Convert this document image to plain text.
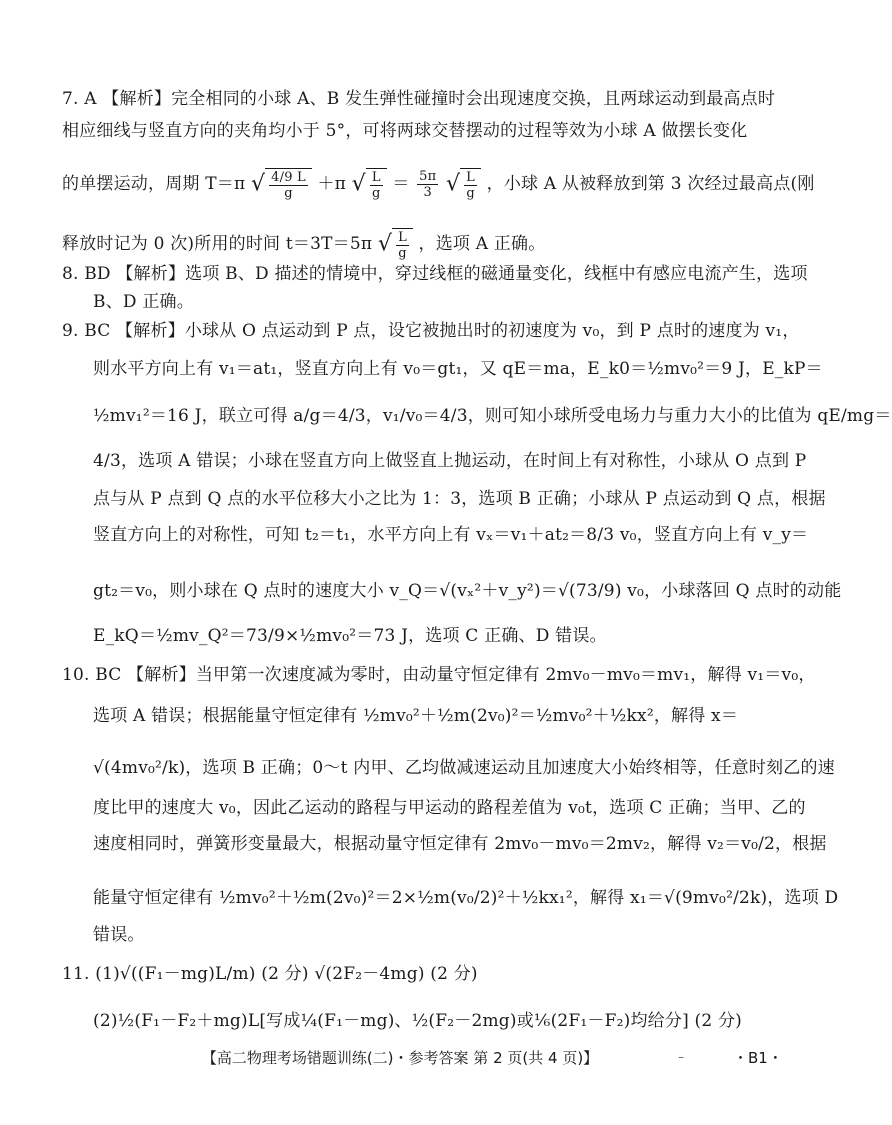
7. A 【解析】完全相同的小球 A、B 发生弹性碰撞时会出现速度交换，且两球运动到最高点时
相应细线与竖直方向的夹角均小于 5°，可将两球交替摆动的过程等效为小球 A 做摆长变化
的单摆运动，周期 T＝π √ $\frac{4/9 L}{g} +\pi$ √ $\frac{L}{g} = \frac{5\pi}{3}$ √ $\frac{L}{g}$ ，小球 A 从被释放到第 3 次经过最高点(刚
释放时记为 0 次)所用的时间 t＝3T＝5π √ $\frac{L}{g}$ ，选项 A 正确。
8. BD 【解析】选项 B、D 描述的情境中，穿过线框的磁通量变化，线框中有感应电流产生，选项
B、D 正确。
9. BC 【解析】小球从 O 点运动到 P 点，设它被抛出时的初速度为 v₀，到 P 点时的速度为 v₁，
则水平方向上有 v₁＝at₁，竖直方向上有 v₀＝gt₁，又 qE＝ma，E_k0＝½mv₀²＝9 J，E_kP＝
½mv₁²＝16 J，联立可得 a/g＝4/3，v₁/v₀＝4/3，则可知小球所受电场力与重力大小的比值为 qE/mg＝
4/3，选项 A 错误；小球在竖直方向上做竖直上抛运动，在时间上有对称性，小球从 O 点到 P
点与从 P 点到 Q 点的水平位移大小之比为 1：3，选项 B 正确；小球从 P 点运动到 Q 点，根据
竖直方向上的对称性，可知 t₂＝t₁，水平方向上有 vₓ＝v₁＋at₂＝8/3 v₀，竖直方向上有 v_y＝
gt₂＝v₀，则小球在 Q 点时的速度大小 v_Q＝√(vₓ²＋v_y²)＝√(73/9) v₀，小球落回 Q 点时的动能
E_kQ＝½mv_Q²＝73/9×½mv₀²＝73 J，选项 C 正确、D 错误。
10. BC 【解析】当甲第一次速度减为零时，由动量守恒定律有 2mv₀－mv₀＝mv₁，解得 v₁＝v₀，
选项 A 错误；根据能量守恒定律有 ½mv₀²＋½m(2v₀)²＝½mv₀²＋½kx²，解得 x＝
√(4mv₀²/k)，选项 B 正确；0～t 内甲、乙均做减速运动且加速度大小始终相等，任意时刻乙的速
度比甲的速度大 v₀，因此乙运动的路程与甲运动的路程差值为 v₀t，选项 C 正确；当甲、乙的
速度相同时，弹簧形变量最大，根据动量守恒定律有 2mv₀－mv₀＝2mv₂，解得 v₂＝v₀/2，根据
能量守恒定律有 ½mv₀²＋½m(2v₀)²＝2×½m(v₀/2)²＋½kx₁²，解得 x₁＝√(9mv₀²/2k)，选项 D
错误。
11. (1)√((F₁－mg)L/m) (2 分) √(2F₂－4mg) (2 分)
(2)½(F₁－F₂＋mg)L[写成¼(F₁－mg)、½(F₂－2mg)或⅙(2F₁－F₂)均给分] (2 分)
【高二物理考场错题训练(二)・参考答案 第 2 页(共 4 页)】	–	・B1・
